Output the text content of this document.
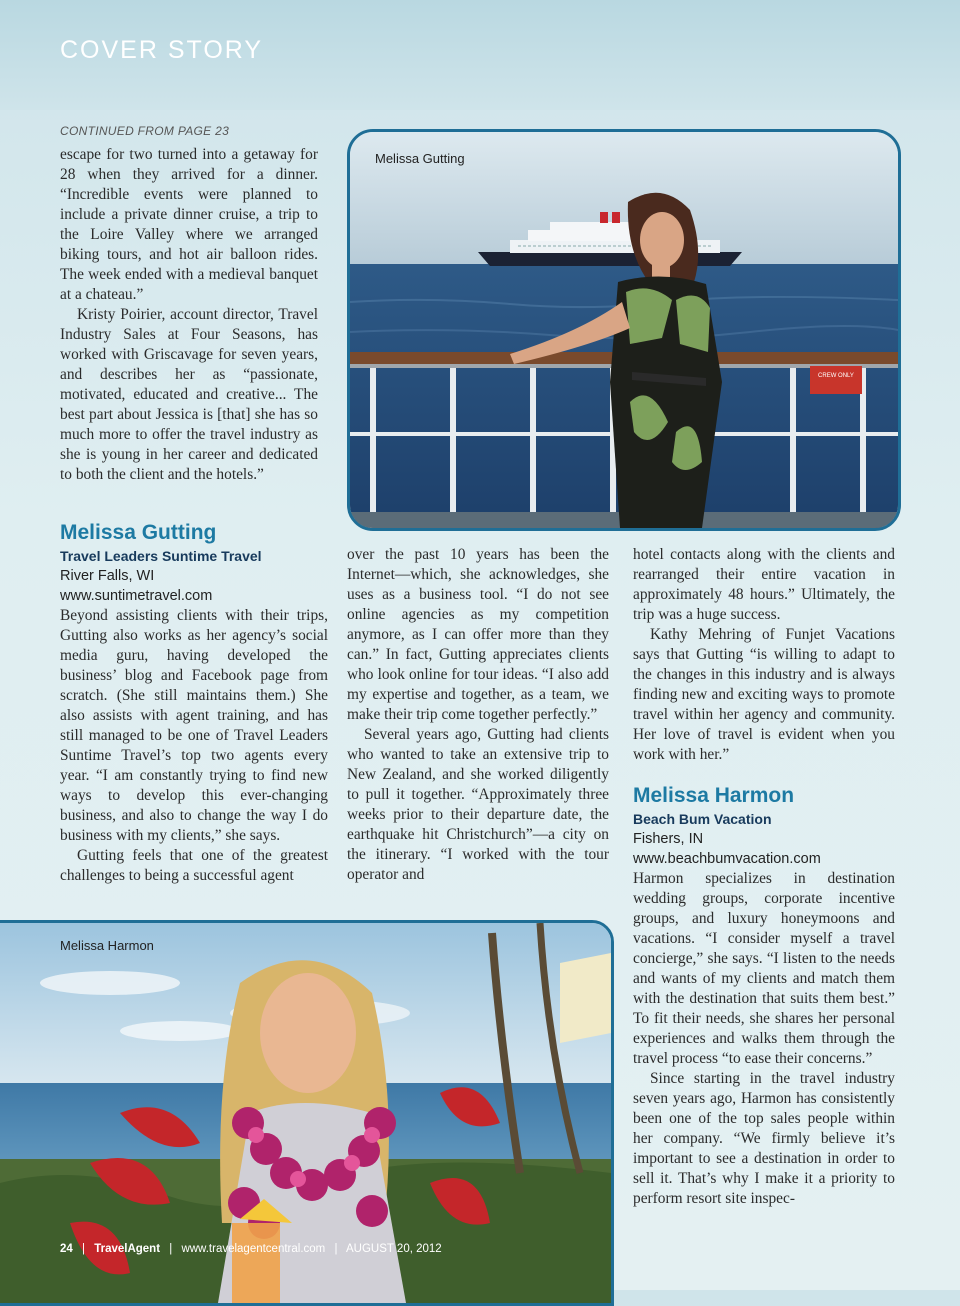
COVER STORY
CONTINUED FROM PAGE 23

escape for two turned into a getaway for 28 when they arrived for a dinner. “Incredible events were planned to include a private dinner cruise, a trip to the Loire Valley where we arranged biking tours, and hot air balloon rides. The week ended with a medieval banquet at a chateau.”

Kristy Poirier, account director, Travel Industry Sales at Four Seasons, has worked with Griscavage for seven years, and describes her as “passionate, motivated, educated and creative... The best part about Jessica is [that] she has so much more to offer the travel industry as she is young in her career and dedicated to both the client and the hotels.”

Melissa Gutting
Travel Leaders Suntime Travel
River Falls, WI
www.suntimetravel.com

Beyond assisting clients with their trips, Gutting also works as her agency’s social media guru, having developed the business’ blog and Facebook page from scratch. (She still maintains them.) She also assists with agent training, and has still managed to be one of Travel Leaders Suntime Travel’s top two agents every year. “I am constantly trying to find new ways to develop this ever-changing business, and also to change the way I do business with my clients,” she says.

Gutting feels that one of the greatest challenges to being a successful agent

over the past 10 years has been the Internet—which, she acknowledges, she uses as a business tool. “I do not see online agencies as my competition anymore, as I can offer more than they can.” In fact, Gutting appreciates clients who look online for tour ideas. “I also add my expertise and together, as a team, we make their trip come together perfectly.”

Several years ago, Gutting had clients who wanted to take an extensive trip to New Zealand, and she worked diligently to pull it together. “Approximately three weeks prior to their departure date, the earthquake hit Christchurch”—a city on the itinerary. “I worked with the tour operator and

hotel contacts along with the clients and rearranged their entire vacation in approximately 48 hours.” Ultimately, the trip was a huge success.

Kathy Mehring of Funjet Vacations says that Gutting “is willing to adapt to the changes in this industry and is always finding new and exciting ways to promote travel within her agency and community. Her love of travel is evident when you work with her.”

Melissa Harmon
Beach Bum Vacation
Fishers, IN
www.beachbumvacation.com

Harmon specializes in destination wedding groups, corporate incentive groups, and luxury honeymoons and vacations. “I consider myself a travel concierge,” she says. “I listen to the needs and wants of my clients and match them with the destination that suits them best.” To fit their needs, she shares her personal experiences and walks them through the travel process “to ease their concerns.”

Since starting in the travel industry seven years ago, Harmon has consistently been one of the top sales people within her company. “We firmly believe it’s important to see a destination in order to sell it. That’s why I make it a priority to perform resort site inspec-

CREW ONLY
Melissa Gutting
Melissa Harmon
24 | TravelAgent | www.travelagentcentral.com | AUGUST 20, 2012
